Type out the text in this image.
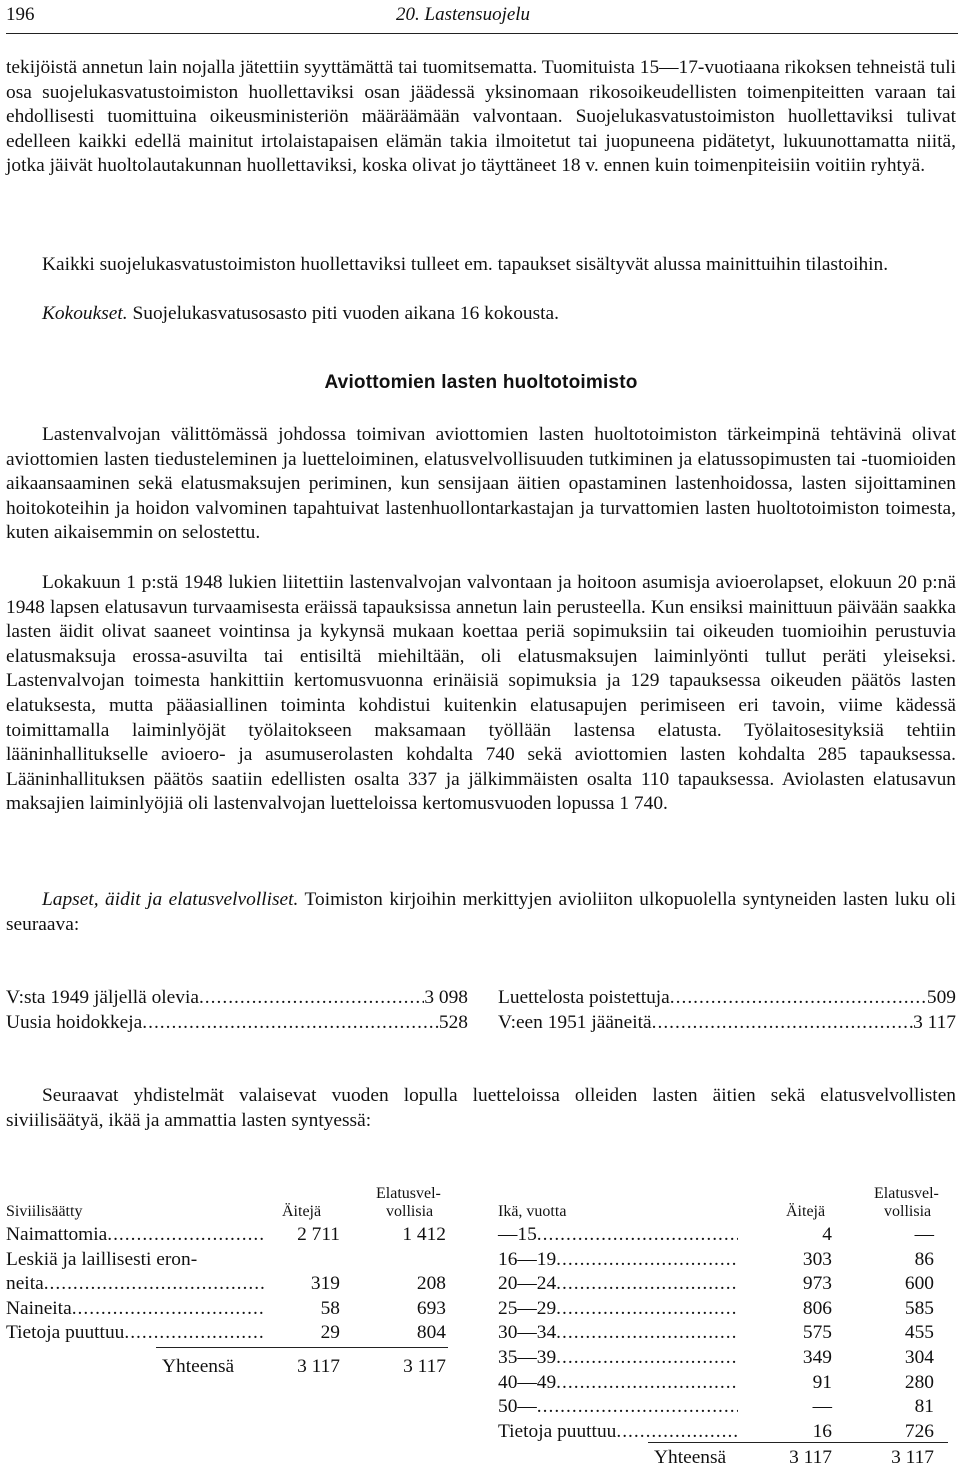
196	20. Lastensuojelu

tekijöistä annetun lain nojalla jätettiin syyttämättä tai tuomitsematta. Tuomituista 15—17-vuotiaana rikoksen tehneistä tuli osa suojelukasvatustoimiston huollettaviksi osan jäädessä yksinomaan rikosoikeudellisten toimenpiteitten varaan tai ehdollisesti tuomittuina oikeusministeriön määräämään valvontaan. Suojelukasvatustoimiston huollettaviksi tulivat edelleen kaikki edellä mainitut irtolaistapaisen elämän takia ilmoitetut tai juopuneena pidätetyt, lukuunottamatta niitä, jotka jäivät huoltolautakunnan huollettaviksi, koska olivat jo täyttäneet 18 v. ennen kuin toimenpiteisiin voitiin ryhtyä.

Kaikki suojelukasvatustoimiston huollettaviksi tulleet em. tapaukset sisältyvät alussa mainittuihin tilastoihin.

Kokoukset. Suojelukasvatusosasto piti vuoden aikana 16 kokousta.

Aviottomien lasten huoltotoimisto

Lastenvalvojan välittömässä johdossa toimivan aviottomien lasten huoltotoimiston tärkeimpinä tehtävinä olivat aviottomien lasten tiedusteleminen ja luetteloiminen, elatusvelvollisuuden tutkiminen ja elatussopimusten tai -tuomioiden aikaansaaminen sekä elatusmaksujen periminen, kun sensijaan äitien opastaminen lastenhoidossa, lasten sijoittaminen hoitokoteihin ja hoidon valvominen tapahtuivat lastenhuollontarkastajan ja turvattomien lasten huoltotoimiston toimesta, kuten aikaisemmin on selostettu.

Lokakuun 1 p:stä 1948 lukien liitettiin lastenvalvojan valvontaan ja hoitoon asumisja avioerolapset, elokuun 20 p:nä 1948 lapsen elatusavun turvaamisesta eräissä tapauksissa annetun lain perusteella. Kun ensiksi mainittuun päivään saakka lasten äidit olivat saaneet vointinsa ja kykynsä mukaan koettaa periä sopimuksiin tai oikeuden tuomioihin perustuvia elatusmaksuja erossa-asuvilta tai entisiltä miehiltään, oli elatusmaksujen laiminlyönti tullut peräti yleiseksi. Lastenvalvojan toimesta hankittiin kertomusvuonna erinäisiä sopimuksia ja 129 tapauksessa oikeuden päätös lasten elatuksesta, mutta pääasiallinen toiminta kohdistui kuitenkin elatusapujen perimiseen eri tavoin, viime kädessä toimittamalla laiminlyöjät työlaitokseen maksamaan työllään lastensa elatusta. Työlaitosesityksiä tehtiin lääninhallitukselle avioero- ja asumuserolasten kohdalta 740 sekä aviottomien lasten kohdalta 285 tapauksessa. Lääninhallituksen päätös saatiin edellisten osalta 337 ja jälkimmäisten osalta 110 tapauksessa. Aviolasten elatusavun maksajien laiminlyöjiä oli lastenvalvojan luetteloissa kertomusvuoden lopussa 1 740.

Lapset, äidit ja elatusvelvolliset. Toimiston kirjoihin merkittyjen avioliiton ulkopuolella syntyneiden lasten luku oli seuraava:

V:sta 1949 jäljellä olevia .....	3 098
Uusia hoidokkeja .....	528
Luettelosta poistettuja .....	509
V:een 1951 jääneitä .....	3 117

Seuraavat yhdistelmät valaisevat vuoden lopulla luetteloissa olleiden lasten äitien sekä elatusvelvollisten siviilisäätyä, ikää ja ammattia lasten syntyessä:

Siviilisäätty	Äitejä
Elatusvel-
vollisia
Naimattomia .....	2 711	1 412
Leskiä ja laillisesti eron-
neita .....	319	208
Naineita .....	58	693
Tietoja puuttuu .....	29	804
Yhteensä	3 117	3 117
Ikä, vuotta	Äitejä
Elatusvel-
vollisia
—15 .....	4	—
16—19 .....	303	86
20—24 .....	973	600
25—29 .....	806	585
30—34 .....	575	455
35—39 .....	349	304
40—49 .....	91	280
50— .....	—	81
Tietoja puuttuu .....	16	726
Yhteensä	3 117	3 117
